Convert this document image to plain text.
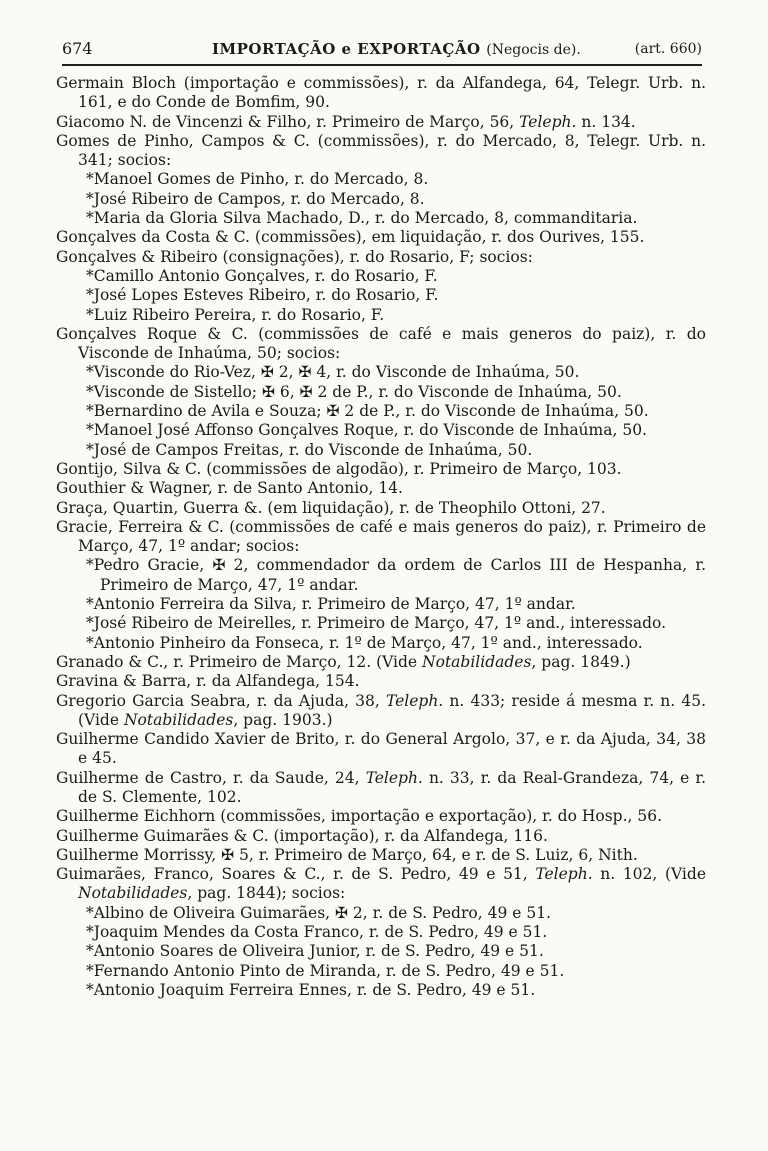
674	IMPORTAÇÃO e EXPORTAÇÃO (Negocis de).	(art. 660)
Germain Bloch (importação e commissões), r. da Alfandega, 64, Telegr. Urb. n. 161, e do Conde de Bomfim, 90.
Giacomo N. de Vincenzi & Filho, r. Primeiro de Março, 56, Teleph. n. 134.
Gomes de Pinho, Campos & C. (commissões), r. do Mercado, 8, Telegr. Urb. n. 341; socios:
*Manoel Gomes de Pinho, r. do Mercado, 8.
*José Ribeiro de Campos, r. do Mercado, 8.
*Maria da Gloria Silva Machado, D., r. do Mercado, 8, commanditaria.
Gonçalves da Costa & C. (commissões), em liquidação, r. dos Ourives, 155.
Gonçalves & Ribeiro (consignações), r. do Rosario, F; socios:
*Camillo Antonio Gonçalves, r. do Rosario, F.
*José Lopes Esteves Ribeiro, r. do Rosario, F.
*Luiz Ribeiro Pereira, r. do Rosario, F.
Gonçalves Roque & C. (commissões de café e mais generos do paiz), r. do Visconde de Inhaúma, 50; socios:
*Visconde do Rio-Vez, ✠ 2, ✠ 4, r. do Visconde de Inhaúma, 50.
*Visconde de Sistello; ✠ 6, ✠ 2 de P., r. do Visconde de Inhaúma, 50.
*Bernardino de Avila e Souza; ✠ 2 de P., r. do Visconde de Inhaúma, 50.
*Manoel José Affonso Gonçalves Roque, r. do Visconde de Inhaúma, 50.
*José de Campos Freitas, r. do Visconde de Inhaúma, 50.
Gontijo, Silva & C. (commissões de algodão), r. Primeiro de Março, 103.
Gouthier & Wagner, r. de Santo Antonio, 14.
Graça, Quartin, Guerra &. (em liquidação), r. de Theophilo Ottoni, 27.
Gracie, Ferreira & C. (commissões de café e mais generos do paiz), r. Primeiro de Março, 47, 1º andar; socios:
*Pedro Gracie, ✠ 2, commendador da ordem de Carlos III de Hespanha, r. Primeiro de Março, 47, 1º andar.
*Antonio Ferreira da Silva, r. Primeiro de Março, 47, 1º andar.
*José Ribeiro de Meirelles, r. Primeiro de Março, 47, 1º and., interessado.
*Antonio Pinheiro da Fonseca, r. 1º de Março, 47, 1º and., interessado.
Granado & C., r. Primeiro de Março, 12. (Vide Notabilidades, pag. 1849.)
Gravina & Barra, r. da Alfandega, 154.
Gregorio Garcia Seabra, r. da Ajuda, 38, Teleph. n. 433; reside á mesma r. n. 45. (Vide Notabilidades, pag. 1903.)
Guilherme Candido Xavier de Brito, r. do General Argolo, 37, e r. da Ajuda, 34, 38 e 45.
Guilherme de Castro, r. da Saude, 24, Teleph. n. 33, r. da Real-Grandeza, 74, e r. de S. Clemente, 102.
Guilherme Eichhorn (commissões, importação e exportação), r. do Hosp., 56.
Guilherme Guimarães & C. (importação), r. da Alfandega, 116.
Guilherme Morrissy, ✠ 5, r. Primeiro de Março, 64, e r. de S. Luiz, 6, Nith.
Guimarães, Franco, Soares & C., r. de S. Pedro, 49 e 51, Teleph. n. 102, (Vide Notabilidades, pag. 1844); socios:
*Albino de Oliveira Guimarães, ✠ 2, r. de S. Pedro, 49 e 51.
*Joaquim Mendes da Costa Franco, r. de S. Pedro, 49 e 51.
*Antonio Soares de Oliveira Junior, r. de S. Pedro, 49 e 51.
*Fernando Antonio Pinto de Miranda, r. de S. Pedro, 49 e 51.
*Antonio Joaquim Ferreira Ennes, r. de S. Pedro, 49 e 51.
